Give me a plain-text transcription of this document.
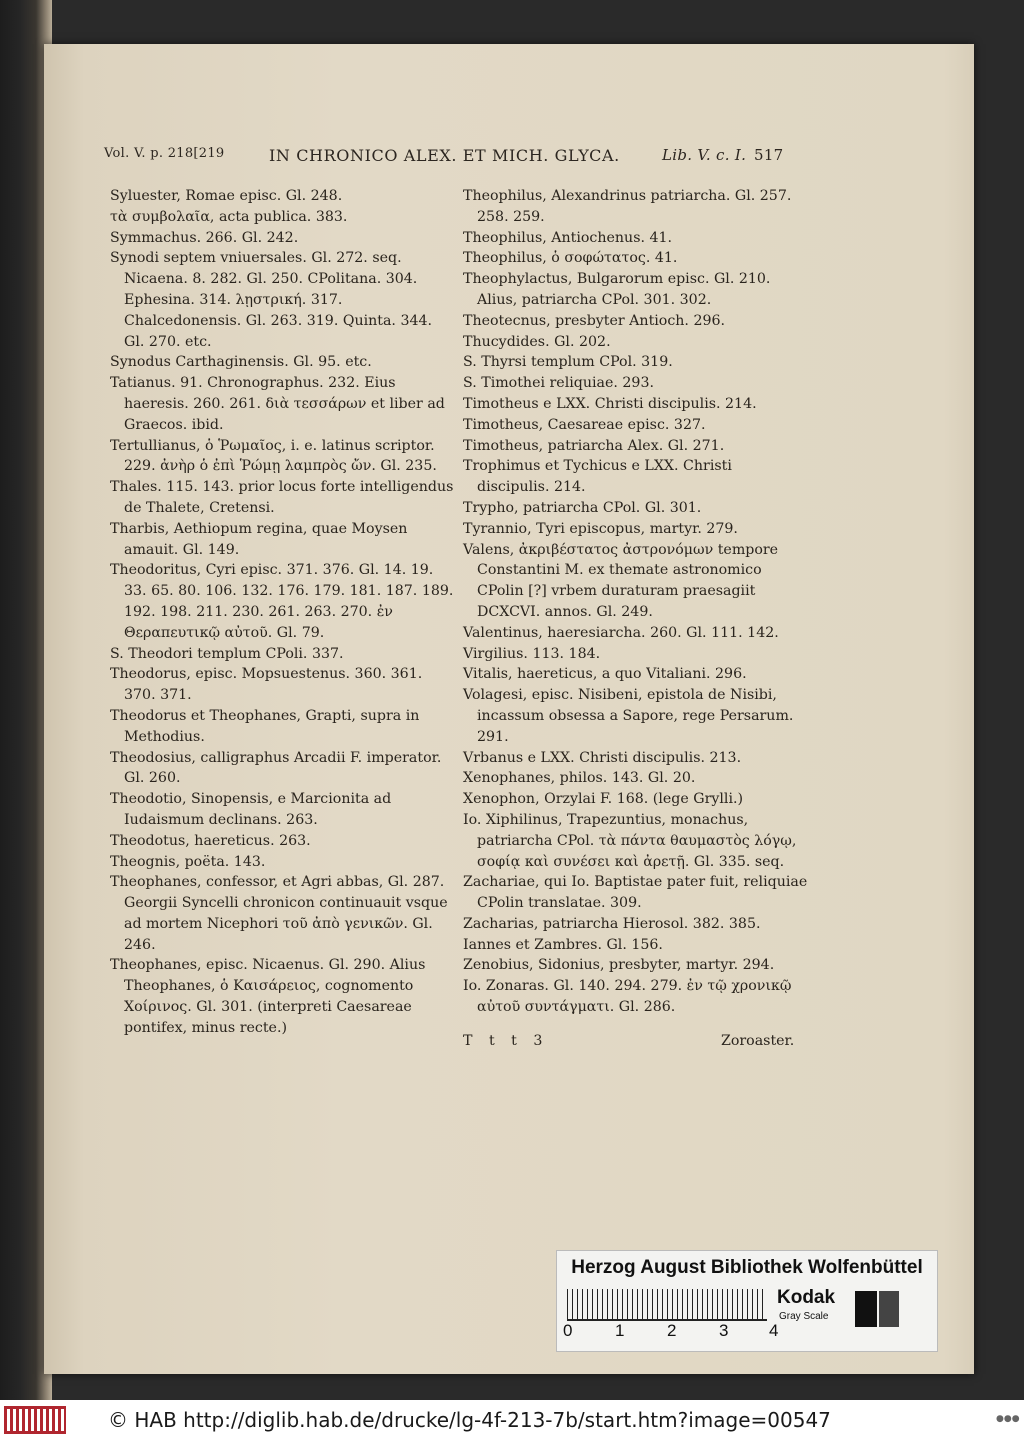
Vol. V. p. 218[219	IN CHRONICO ALEX. ET MICH. GLYCA.	Lib. V. c. I. 517

Syluester, Romae episc. Gl. 248.

τὰ συμβολαῖα, acta publica. 383.

Symmachus. 266. Gl. 242.

Synodi septem vniuersales. Gl. 272. seq. Nicaena. 8. 282. Gl. 250. CPolitana. 304. Ephesina. 314. λῃστρική. 317. Chalcedonensis. Gl. 263. 319. Quinta. 344. Gl. 270. etc.

Synodus Carthaginensis. Gl. 95. etc.

Tatianus. 91. Chronographus. 232. Eius haeresis. 260. 261. διὰ τεσσάρων et liber ad Graecos. ibid.

Tertullianus, ὁ Ῥωμαῖος, i. e. latinus scriptor. 229. ἀνὴρ ὁ ἐπὶ Ῥώμῃ λαμπρὸς ὤν. Gl. 235.

Thales. 115. 143. prior locus forte intelligendus de Thalete, Cretensi.

Tharbis, Aethiopum regina, quae Moysen amauit. Gl. 149.

Theodoritus, Cyri episc. 371. 376. Gl. 14. 19. 33. 65. 80. 106. 132. 176. 179. 181. 187. 189. 192. 198. 211. 230. 261. 263. 270. ἐν Θεραπευτικῷ αὐτοῦ. Gl. 79.

S. Theodori templum CPoli. 337.

Theodorus, episc. Mopsuestenus. 360. 361. 370. 371.

Theodorus et Theophanes, Grapti, supra in Methodius.

Theodosius, calligraphus Arcadii F. imperator. Gl. 260.

Theodotio, Sinopensis, e Marcionita ad Iudaismum declinans. 263.

Theodotus, haereticus. 263.

Theognis, poëta. 143.

Theophanes, confessor, et Agri abbas, Gl. 287. Georgii Syncelli chronicon continuauit vsque ad mortem Nicephori τοῦ ἀπὸ γενικῶν. Gl. 246.

Theophanes, episc. Nicaenus. Gl. 290. Alius Theophanes, ὁ Καισάρειος, cognomento Χοίρινος. Gl. 301. (interpreti Caesareae pontifex, minus recte.)

Theophilus, Alexandrinus patriarcha. Gl. 257. 258. 259.

Theophilus, Antiochenus. 41.

Theophilus, ὁ σοφώτατος. 41.

Theophylactus, Bulgarorum episc. Gl. 210. Alius, patriarcha CPol. 301. 302.

Theotecnus, presbyter Antioch. 296.

Thucydides. Gl. 202.

S. Thyrsi templum CPol. 319.

S. Timothei reliquiae. 293.

Timotheus e LXX. Christi discipulis. 214.

Timotheus, Caesareae episc. 327.

Timotheus, patriarcha Alex. Gl. 271.

Trophimus et Tychicus e LXX. Christi discipulis. 214.

Trypho, patriarcha CPol. Gl. 301.

Tyrannio, Tyri episcopus, martyr. 279.

Valens, ἀκριβέστατος ἀστρονόμων tempore Constantini M. ex themate astronomico CPolin [?] vrbem duraturam praesagiit DCXCVI. annos. Gl. 249.

Valentinus, haeresiarcha. 260. Gl. 111. 142.

Virgilius. 113. 184.

Vitalis, haereticus, a quo Vitaliani. 296.

Volagesi, episc. Nisibeni, epistola de Nisibi, incassum obsessa a Sapore, rege Persarum. 291.

Vrbanus e LXX. Christi discipulis. 213.

Xenophanes, philos. 143. Gl. 20.

Xenophon, Orzylai F. 168. (lege Grylli.)

Io. Xiphilinus, Trapezuntius, monachus, patriarcha CPol. τὰ πάντα θαυμαστὸς λόγῳ, σοφίᾳ καὶ συνέσει καὶ ἀρετῇ. Gl. 335. seq.

Zachariae, qui Io. Baptistae pater fuit, reliquiae CPolin translatae. 309.

Zacharias, patriarcha Hierosol. 382. 385.

Iannes et Zambres. Gl. 156.

Zenobius, Sidonius, presbyter, martyr. 294.

Io. Zonaras. Gl. 140. 294. 279. ἐν τῷ χρονικῷ αὐτοῦ συντάγματι. Gl. 286.

T t t 3	Zoroaster.
Herzog August Bibliothek Wolfenbüttel
0	1	2	3 4
Kodak
Gray Scale
© HAB http://diglib.hab.de/drucke/lg-4f-213-7b/start.htm?image=00547	●●●
